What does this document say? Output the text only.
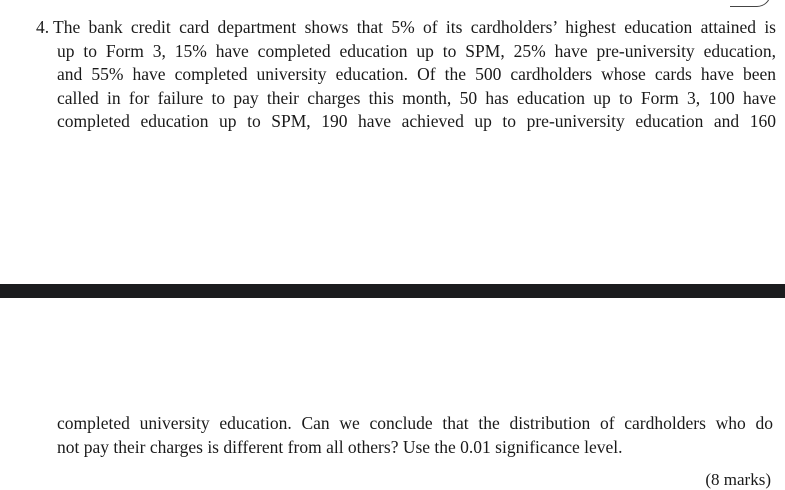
4. The bank credit card department shows that 5% of its cardholders’ highest education attained is
up to Form 3, 15% have completed education up to SPM, 25% have pre-university education,
and 55% have completed university education. Of the 500 cardholders whose cards have been
called in for failure to pay their charges this month, 50 has education up to Form 3, 100 have
completed education up to SPM, 190 have achieved up to pre-university education and 160
completed university education. Can we conclude that the distribution of cardholders who do
not pay their charges is different from all others? Use the 0.01 significance level.
(8 marks)
